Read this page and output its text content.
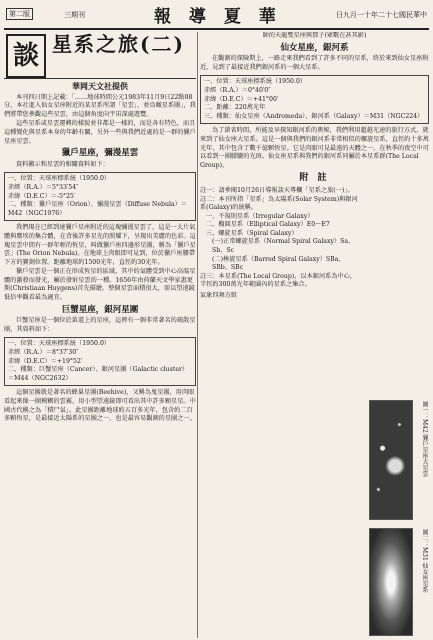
第二版	三期刊	報 導 夏 華	日九月一十年二十七國民華中
談 星系之旅(二)
華岡天文社提供

本刊四日期上記載：「……地球時間公元1983年11月9日22點08分，本社進入仙女星座附近的某星系所謂「星雲」，並鳥瞰星系團」，我們將帶您參觀這些星雲，由這個角度向宇宙深處遊覽。

這些星系或星雲運轉的樣貌並非都是一樣的，而是各有特色，而且這種變化與星系本身的年齡有關，另外一些與我們近處的是一群的獵戶星座星雲。

獵戶星座，彌漫星雲

資料顯示和星雲的相關資料如下：

一、位置：天球座標系統（1950.0）
赤經（R.A.）＝5°33′54″
赤緯（D.E.C）＝-5°25′
二、種類：獵戶星座（Orion）、彌漫星雲（Diffuse Nebula）＝M42（NGC1976）

我們現在已經到達獵戶星座附近的這塊彌漫星雲了，這是一大片氣體與塵埃的集合體，在背後許多星光的照耀下，呈現出美麗的色彩。這塊星雲中間有一群年輕的恆星，叫做獵戶座四邊形星團，稱為「獵戶星雲」(The Orion Nebula)。在地球上肉眼即可見到，位於獵戶座腰帶下方的寶劍位置。距離地球約1500光年，直徑約30光年。

獵戶星雲是一個正在形成恆星的區域，其中的氣體受到中心高溫星體的激發而發光，屬於發射星雲的一種。1656年由荷蘭天文學家惠更斯(Christiaan Huygens)首先描繪。整個星雲面積很大，需以望遠鏡低倍率觀看最為適宜。

巨蟹星座，銀河星團

巨蟹星座是一個位於黃道上的星座，這裡有一個非常著名的疏散星團，其資料如下：

一、位置：天球座標系統（1950.0）
赤經（R.A.）＝8°37′30″
赤緯（D.E.C）＝+19°52′
二、種類：巨蟹星座（Cancer）、銀河星團（Galactic cluster）＝M44（NGC2632）

這個星團就是著名的蜂巢星團(Beehive)，又稱為鬼星團，用肉眼看起來像一團模糊的雲霧，用小型望遠鏡即可看出其中許多顆星星。中國古代稱之為「積尸氣」。此星團距離地球約五百多光年，包含約二百多顆恆星，是最接近太陽系的星團之一，也是最容易觀測的星團之一。

帥的天龍雙星座與那子(眾數在甚其影)
仙女星座，銀河系

在觀測的探險期上，一路走來我們看到了許多不同的星系，終於來到仙女星座附近，見到了最接近我們銀河系的一個大星系。

一、位置：天球座標系統（1950.0）
赤經（R.A.）＝0°40′0″
赤緯（D.E.C）＝+41°00′
二、距離：220萬光年
三、種類：仙女星座（Andromeda）、銀河系（Galaxy）＝M31（NGC224）

為了節省時間，所能及早探知銀河系的奧秘，我們利用超越光速的旅行方式，就來到了仙女座大星系。這是一個與我們的銀河系非常相似的螺旋星系，直徑約十多萬光年，其中包含了數千億顆恆星。它是肉眼可見最遠的天體之一，在秋季的夜空中可以看到一團朦朧的光斑。仙女座星系與我們的銀河系同屬於本星系群(The Local Group)。

附 註
註一：請參閱10月26日導報談天專欄「星系之旅(一)」。
註二：本刊所指「星系」為太陽系(Solar System)與銀河系(Galaxy)的統稱。
一、不規則星系（Irregular Galaxy）
二、橢圓星系（Elliptical Galaxy）E0～E7
三、螺旋星系（Spiral Galaxy）
(一)正常螺旋星系（Normal Spiral Galaxy）Sa、Sb、Sc
(二)棒旋星系（Barred Spiral Galaxy）SBa、SBb、SBc
註三：本星系(The Local Group)，以本銀河系為中心，半徑約300萬光年範圍內的星系之集合。
氣象四舞方組
圖一：M42 獵戶星座大星雲
圖二：M31 仙女座星系
